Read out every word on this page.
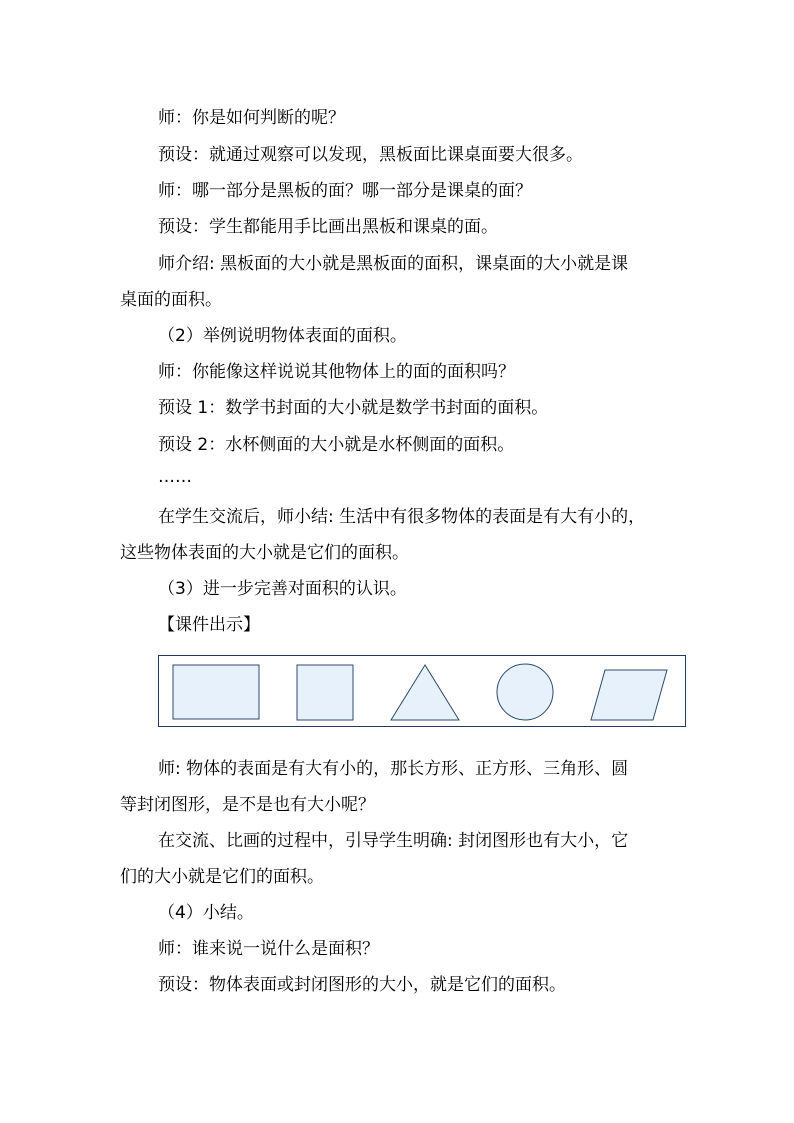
师：你是如何判断的呢？
预设：就通过观察可以发现，黑板面比课桌面要大很多。
师：哪一部分是黑板的面？哪一部分是课桌的面？
预设：学生都能用手比画出黑板和课桌的面。
师介绍: 黑板面的大小就是黑板面的面积，课桌面的大小就是课
桌面的面积。
（2）举例说明物体表面的面积。
师：你能像这样说说其他物体上的面的面积吗？
预设 1：数学书封面的大小就是数学书封面的面积。
预设 2：水杯侧面的大小就是水杯侧面的面积。
……
在学生交流后，师小结: 生活中有很多物体的表面是有大有小的，
这些物体表面的大小就是它们的面积。
（3）进一步完善对面积的认识。
【课件出示】
师: 物体的表面是有大有小的，那长方形、正方形、三角形、圆
等封闭图形，是不是也有大小呢？
在交流、比画的过程中，引导学生明确: 封闭图形也有大小，它
们的大小就是它们的面积。
（4）小结。
师：谁来说一说什么是面积？
预设：物体表面或封闭图形的大小，就是它们的面积。
